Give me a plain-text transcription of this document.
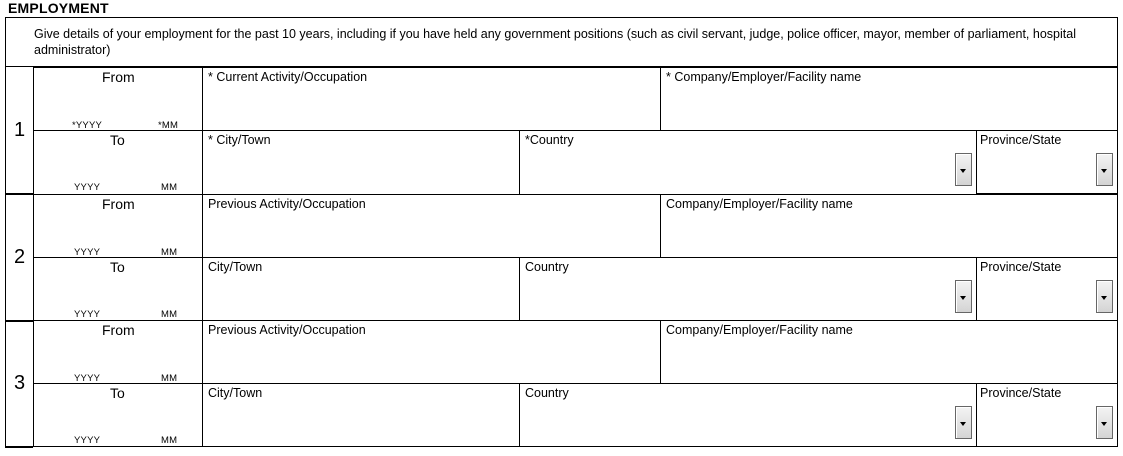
EMPLOYMENT
Give details of your employment for the past 10 years, including if you have held any government positions (such as civil servant, judge, police officer, mayor, member of parliament, hospital administrator)
1
From
*YYYY	*MM
To
YYYY	MM
* Current Activity/Occupation	* Company/Employer/Facility name
* City/Town	*Country	Province/State
2
From
YYYY	MM
To
YYYY	MM
Previous Activity/Occupation	Company/Employer/Facility name
City/Town	Country	Province/State
3
From
YYYY	MM
To
YYYY	MM
Previous Activity/Occupation	Company/Employer/Facility name
City/Town	Country	Province/State
